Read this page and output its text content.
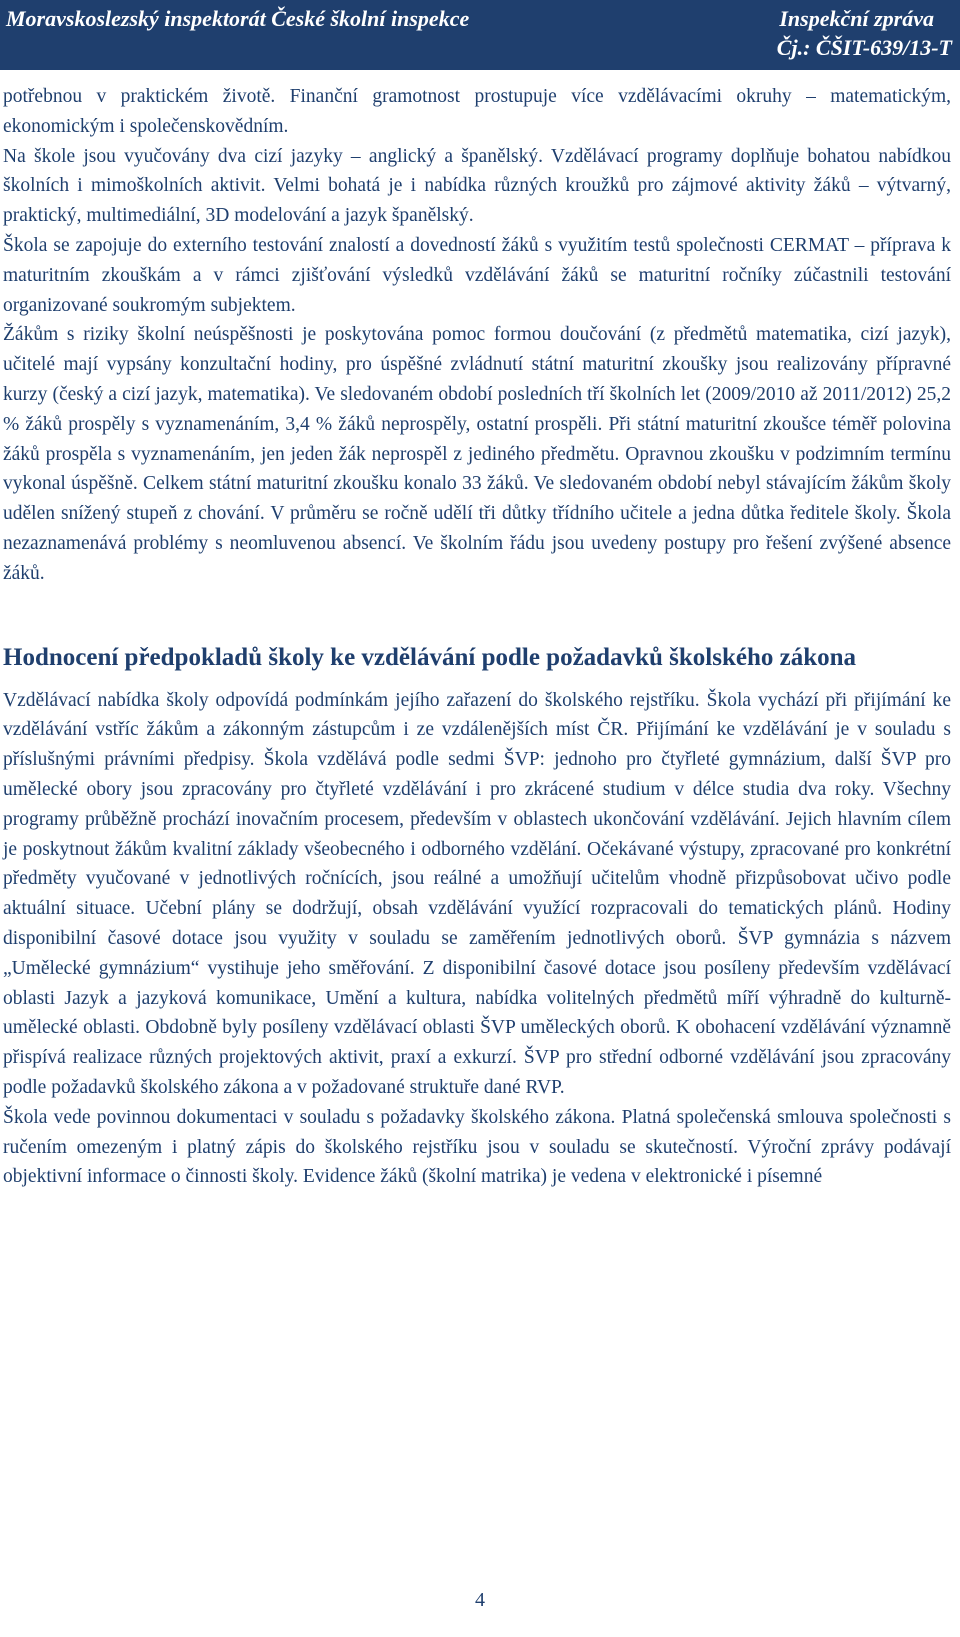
Moravskoslezský inspektorát České školní inspekce	Inspekční zpráva
Čj.: ČŠIT-639/13-T

potřebnou v praktickém životě. Finanční gramotnost prostupuje více vzdělávacími okruhy – matematickým, ekonomickým i společenskovědním.

Na škole jsou vyučovány dva cizí jazyky – anglický a španělský. Vzdělávací programy doplňuje bohatou nabídkou školních i mimoškolních aktivit. Velmi bohatá je i nabídka různých kroužků pro zájmové aktivity žáků – výtvarný, praktický, multimediální, 3D modelování a jazyk španělský.

Škola se zapojuje do externího testování znalostí a dovedností žáků s využitím testů společnosti CERMAT – příprava k maturitním zkouškám a v rámci zjišťování výsledků vzdělávání žáků se maturitní ročníky zúčastnili testování organizované soukromým subjektem.

Žákům s riziky školní neúspěšnosti je poskytována pomoc formou doučování (z předmětů matematika, cizí jazyk), učitelé mají vypsány konzultační hodiny, pro úspěšné zvládnutí státní maturitní zkoušky jsou realizovány přípravné kurzy (český a cizí jazyk, matematika). Ve sledovaném období posledních tří školních let (2009/2010 až 2011/2012) 25,2 % žáků prospěly s vyznamenáním, 3,4 % žáků neprospěly, ostatní prospěli. Při státní maturitní zkoušce téměř polovina žáků prospěla s vyznamenáním, jen jeden žák neprospěl z jediného předmětu. Opravnou zkoušku v podzimním termínu vykonal úspěšně. Celkem státní maturitní zkoušku konalo 33 žáků. Ve sledovaném období nebyl stávajícím žákům školy udělen snížený stupeň z chování. V průměru se ročně udělí tři důtky třídního učitele a jedna důtka ředitele školy. Škola nezaznamenává problémy s neomluvenou absencí. Ve školním řádu jsou uvedeny postupy pro řešení zvýšené absence žáků.

Hodnocení předpokladů školy ke vzdělávání podle požadavků školského zákona

Vzdělávací nabídka školy odpovídá podmínkám jejího zařazení do školského rejstříku. Škola vychází při přijímání ke vzdělávání vstříc žákům a zákonným zástupcům i ze vzdálenějších míst ČR. Přijímání ke vzdělávání je v souladu s příslušnými právními předpisy. Škola vzdělává podle sedmi ŠVP: jednoho pro čtyřleté gymnázium, další ŠVP pro umělecké obory jsou zpracovány pro čtyřleté vzdělávání i pro zkrácené studium v délce studia dva roky. Všechny programy průběžně prochází inovačním procesem, především v oblastech ukončování vzdělávání. Jejich hlavním cílem je poskytnout žákům kvalitní základy všeobecného i odborného vzdělání. Očekávané výstupy, zpracované pro konkrétní předměty vyučované v jednotlivých ročnících, jsou reálné a umožňují učitelům vhodně přizpůsobovat učivo podle aktuální situace. Učební plány se dodržují, obsah vzdělávání využící rozpracovali do tematických plánů. Hodiny disponibilní časové dotace jsou využity v souladu se zaměřením jednotlivých oborů. ŠVP gymnázia s názvem „Umělecké gymnázium“ vystihuje jeho směřování. Z disponibilní časové dotace jsou posíleny především vzdělávací oblasti Jazyk a jazyková komunikace, Umění a kultura, nabídka volitelných předmětů míří výhradně do kulturně-umělecké oblasti. Obdobně byly posíleny vzdělávací oblasti ŠVP uměleckých oborů. K obohacení vzdělávání významně přispívá realizace různých projektových aktivit, praxí a exkurzí. ŠVP pro střední odborné vzdělávání jsou zpracovány podle požadavků školského zákona a v požadované struktuře dané RVP.

Škola vede povinnou dokumentaci v souladu s požadavky školského zákona. Platná společenská smlouva společnosti s ručením omezeným i platný zápis do školského rejstříku jsou v souladu se skutečností. Výroční zprávy podávají objektivní informace o činnosti školy. Evidence žáků (školní matrika) je vedena v elektronické i písemné

4
